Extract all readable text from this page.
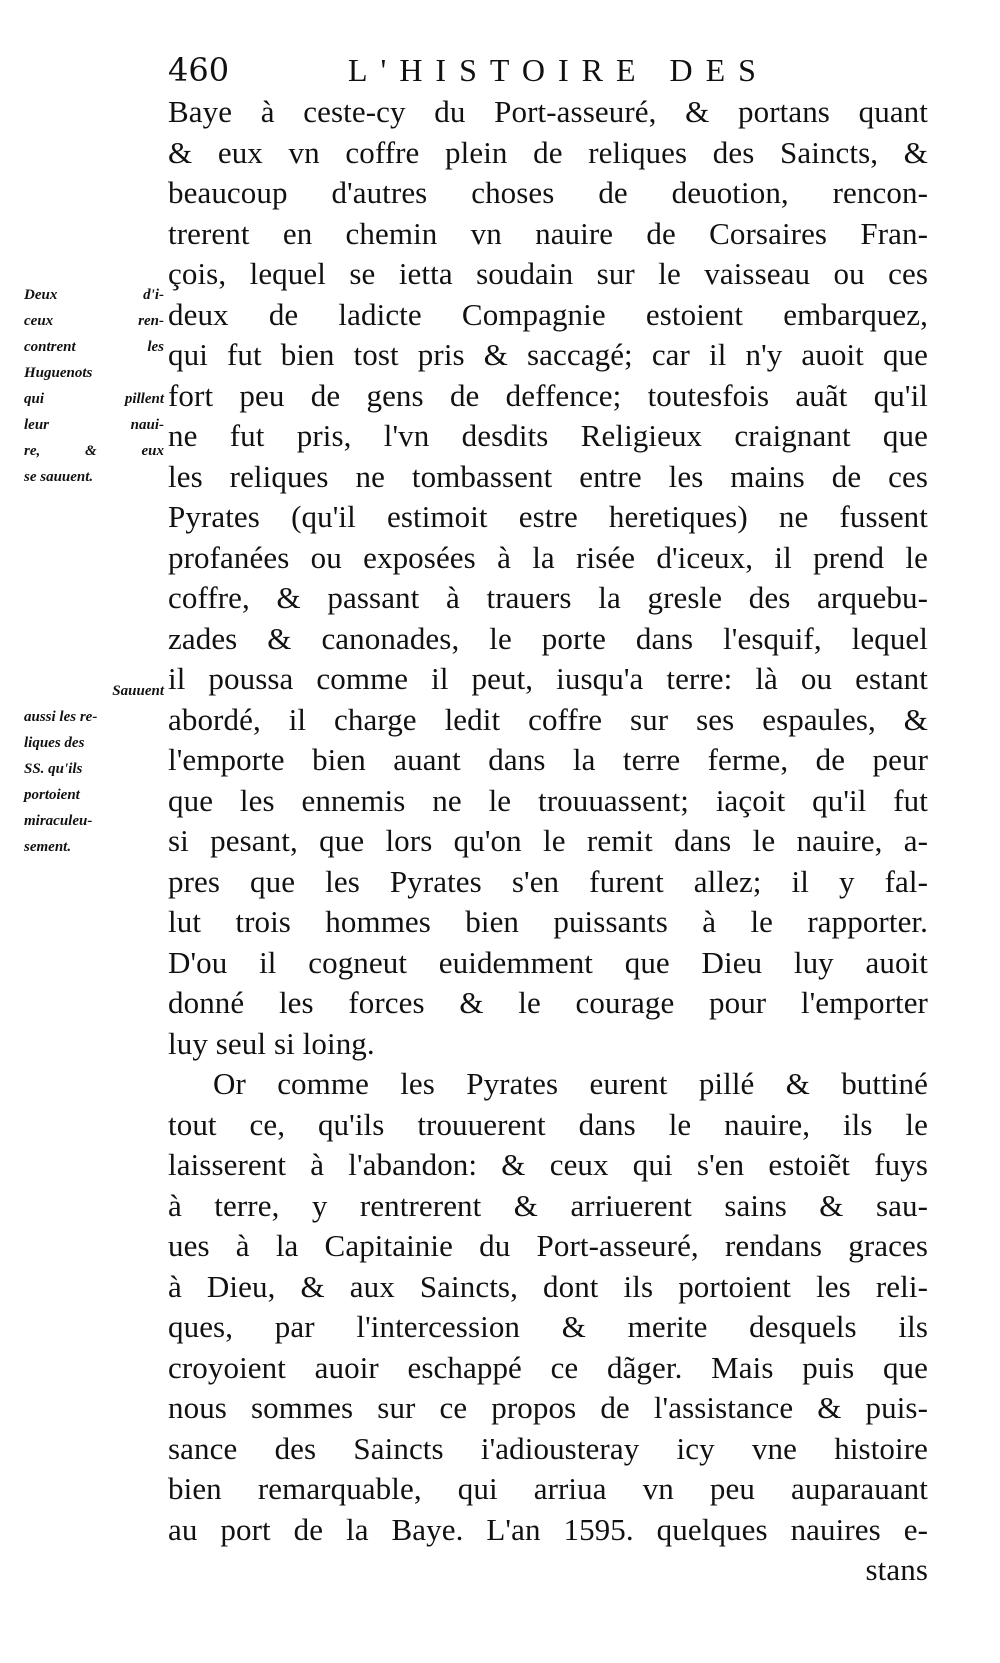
460	L'HISTOIRE DES
Deux d'i-
ceux ren-
contrent les
Huguenots
qui pillent
leur naui-
re, & eux
se sauuent.
Sauuent
aussi les re-
liques des
SS. qu'ils
portoient
miraculeu-
sement.
Baye à ceste-cy du Port-asseuré, & portans quant
& eux vn coffre plein de reliques des Saincts, &
beaucoup d'autres choses de deuotion, rencon-
trerent en chemin vn nauire de Corsaires Fran-
çois, lequel se ietta soudain sur le vaisseau ou ces
deux de ladicte Compagnie estoient embarquez,
qui fut bien tost pris & saccagé; car il n'y auoit que
fort peu de gens de deffence; toutesfois auãt qu'il
ne fut pris, l'vn desdits Religieux craignant que
les reliques ne tombassent entre les mains de ces
Pyrates (qu'il estimoit estre heretiques) ne fussent
profanées ou exposées à la risée d'iceux, il prend le
coffre, & passant à trauers la gresle des arquebu-
zades & canonades, le porte dans l'esquif, lequel
il poussa comme il peut, iusqu'a terre: là ou estant
abordé, il charge ledit coffre sur ses espaules, &
l'emporte bien auant dans la terre ferme, de peur
que les ennemis ne le trouuassent; iaçoit qu'il fut
si pesant, que lors qu'on le remit dans le nauire, a-
pres que les Pyrates s'en furent allez; il y fal-
lut trois hommes bien puissants à le rapporter.
D'ou il cogneut euidemment que Dieu luy auoit
donné les forces & le courage pour l'emporter
luy seul si loing.
Or comme les Pyrates eurent pillé & buttiné
tout ce, qu'ils trouuerent dans le nauire, ils le
laisserent à l'abandon: & ceux qui s'en estoiẽt fuys
à terre, y rentrerent & arriuerent sains & sau-
ues à la Capitainie du Port-asseuré, rendans graces
à Dieu, & aux Saincts, dont ils portoient les reli-
ques, par l'intercession & merite desquels ils
croyoient auoir eschappé ce dãger. Mais puis que
nous sommes sur ce propos de l'assistance & puis-
sance des Saincts i'adiousteray icy vne histoire
bien remarquable, qui arriua vn peu auparauant
au port de la Baye. L'an 1595. quelques nauires e-
stans
